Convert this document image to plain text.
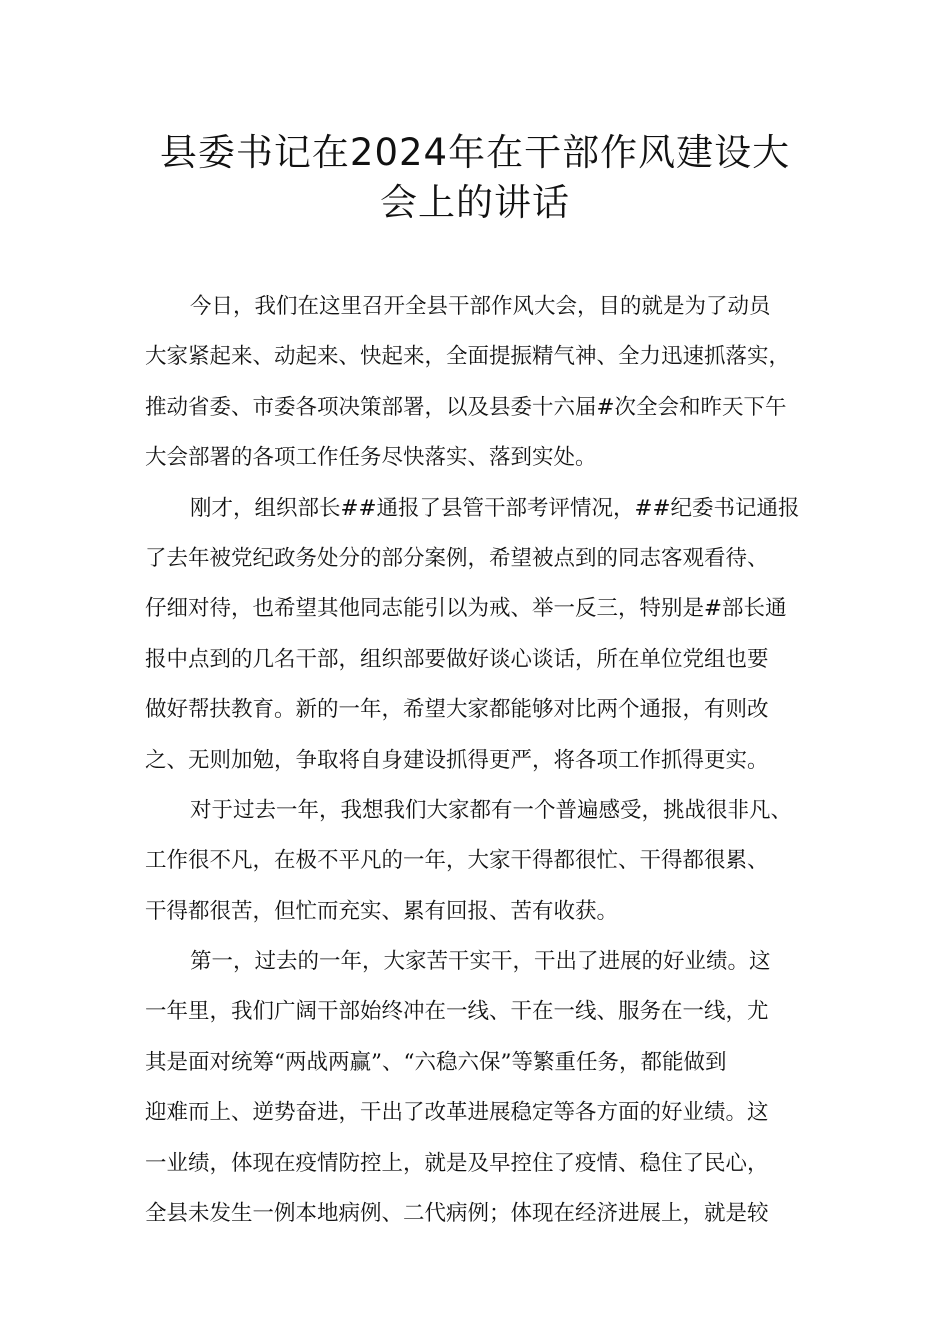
县委书记在2024年在干部作风建设大
会上的讲话
今日，我们在这里召开全县干部作风大会，目的就是为了动员
大家紧起来、动起来、快起来，全面提振精气神、全力迅速抓落实，
推动省委、市委各项决策部署，以及县委十六届#次全会和昨天下午
大会部署的各项工作任务尽快落实、落到实处。
刚才，组织部长##通报了县管干部考评情况，##纪委书记通报
了去年被党纪政务处分的部分案例，希望被点到的同志客观看待、
仔细对待，也希望其他同志能引以为戒、举一反三，特别是#部长通
报中点到的几名干部，组织部要做好谈心谈话，所在单位党组也要
做好帮扶教育。新的一年，希望大家都能够对比两个通报，有则改
之、无则加勉，争取将自身建设抓得更严，将各项工作抓得更实。
对于过去一年，我想我们大家都有一个普遍感受，挑战很非凡、
工作很不凡，在极不平凡的一年，大家干得都很忙、干得都很累、
干得都很苦，但忙而充实、累有回报、苦有收获。
第一，过去的一年，大家苦干实干，干出了进展的好业绩。这
一年里，我们广阔干部始终冲在一线、干在一线、服务在一线，尤
其是面对统筹“两战两赢”、“六稳六保”等繁重任务，都能做到
迎难而上、逆势奋进，干出了改革进展稳定等各方面的好业绩。这
一业绩，体现在疫情防控上，就是及早控住了疫情、稳住了民心，
全县未发生一例本地病例、二代病例；体现在经济进展上，就是较
